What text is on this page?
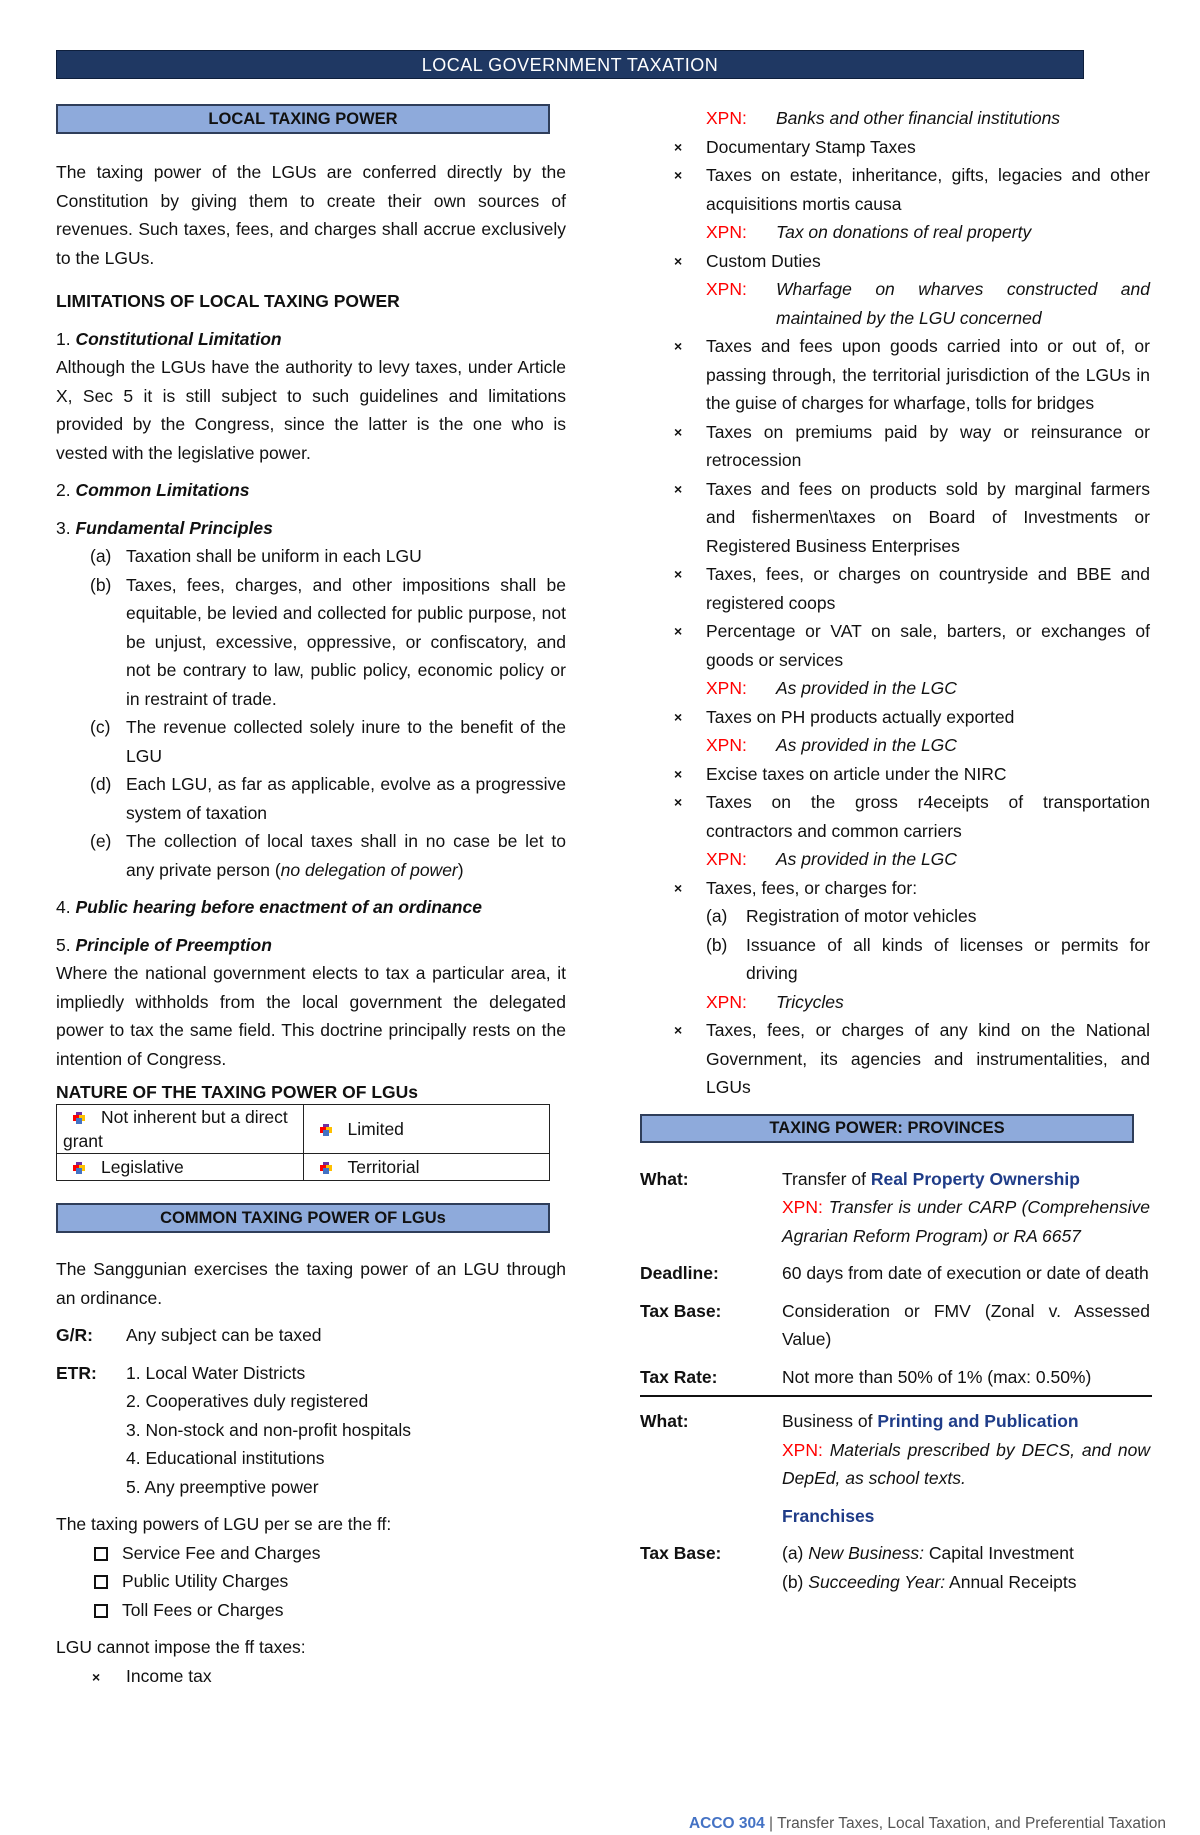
LOCAL GOVERNMENT TAXATION
LOCAL TAXING POWER

The taxing power of the LGUs are conferred directly by the Constitution by giving them to create their own sources of revenues. Such taxes, fees, and charges shall accrue exclusively to the LGUs.

LIMITATIONS OF LOCAL TAXING POWER
1. Constitutional Limitation

Although the LGUs have the authority to levy taxes, under Article X, Sec 5 it is still subject to such guidelines and limitations provided by the Congress, since the latter is the one who is vested with the legislative power.

2. Common Limitations
3. Fundamental Principles
(a) Taxation shall be uniform in each LGU
(b) Taxes, fees, charges, and other impositions shall be equitable, be levied and collected for public purpose, not be unjust, excessive, oppressive, or confiscatory, and not be contrary to law, public policy, economic policy or in restraint of trade.
(c) The revenue collected solely inure to the benefit of the LGU
(d) Each LGU, as far as applicable, evolve as a progressive system of taxation
(e) The collection of local taxes shall in no case be let to any private person (no delegation of power)
4. Public hearing before enactment of an ordinance
5. Principle of Preemption

Where the national government elects to tax a particular area, it impliedly withholds from the local government the delegated power to tax the same field. This doctrine principally rests on the intention of Congress.

NATURE OF THE TAXING POWER OF LGUs
Not inherent but a direct grant	Limited

Legislative	Territorial
COMMON TAXING POWER OF LGUs

The Sanggunian exercises the taxing power of an LGU through an ordinance.

G/R:	Any subject can be taxed
ETR:	1. Local Water Districts
2. Cooperatives duly registered
3. Non-stock and non-profit hospitals
4. Educational institutions
5. Any preemptive power
The taxing powers of LGU per se are the ff:
Service Fee and Charges
Public Utility Charges
Toll Fees or Charges
LGU cannot impose the ff taxes:
× Income tax
XPN:	Banks and other financial institutions
× Documentary Stamp Taxes
× Taxes on estate, inheritance, gifts, legacies and other acquisitions mortis causa
XPN:	Tax on donations of real property
× Custom Duties
XPN:	Wharfage on wharves constructed and maintained by the LGU concerned
× Taxes and fees upon goods carried into or out of, or passing through, the territorial jurisdiction of the LGUs in the guise of charges for wharfage, tolls for bridges
× Taxes on premiums paid by way or reinsurance or retrocession
× Taxes and fees on products sold by marginal farmers and fishermen\taxes on Board of Investments or Registered Business Enterprises
× Taxes, fees, or charges on countryside and BBE and registered coops
× Percentage or VAT on sale, barters, or exchanges of goods or services
XPN:	As provided in the LGC
× Taxes on PH products actually exported
XPN:	As provided in the LGC
× Excise taxes on article under the NIRC
× Taxes on the gross r4eceipts of transportation contractors and common carriers
XPN:	As provided in the LGC
× Taxes, fees, or charges for:
(a) Registration of motor vehicles
(b) Issuance of all kinds of licenses or permits for driving
XPN:	Tricycles
× Taxes, fees, or charges of any kind on the National Government, its agencies and instrumentalities, and LGUs
TAXING POWER: PROVINCES
What:	Transfer of Real Property Ownership
XPN: Transfer is under CARP (Comprehensive Agrarian Reform Program) or RA 6657
Deadline:	60 days from date of execution or date of death
Tax Base:	Consideration or FMV (Zonal v. Assessed Value)
Tax Rate:	Not more than 50% of 1% (max: 0.50%)
What:	Business of Printing and Publication
XPN: Materials prescribed by DECS, and now DepEd, as school texts.
Franchises
Tax Base:	(a) New Business: Capital Investment
(b) Succeeding Year: Annual Receipts
ACCO 304 | Transfer Taxes, Local Taxation, and Preferential Taxation
